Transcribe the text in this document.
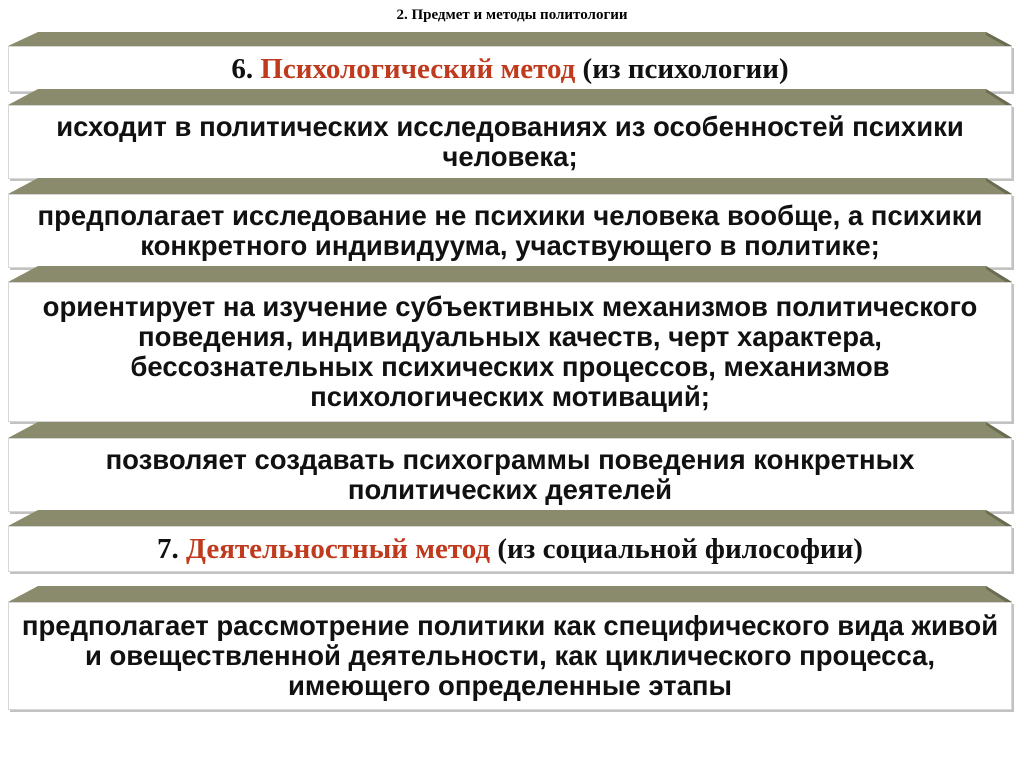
2. Предмет и методы политологии
6.
Психологический метод
(из психологии)
исходит в политических исследованиях из особенностей психики человека;
предполагает исследование не психики человека вообще, а психики конкретного индивидуума, участвующего в политике;
ориентирует на изучение субъективных механизмов политического поведения, индивидуальных качеств, черт характера, бессознательных психических процессов, механизмов психологических мотиваций;
позволяет создавать психограммы поведения конкретных политических деятелей
7.
Деятельностный метод
(из социальной философии)
предполагает рассмотрение политики как специфического вида живой и овеществленной деятельности, как циклического процесса, имеющего определенные этапы
